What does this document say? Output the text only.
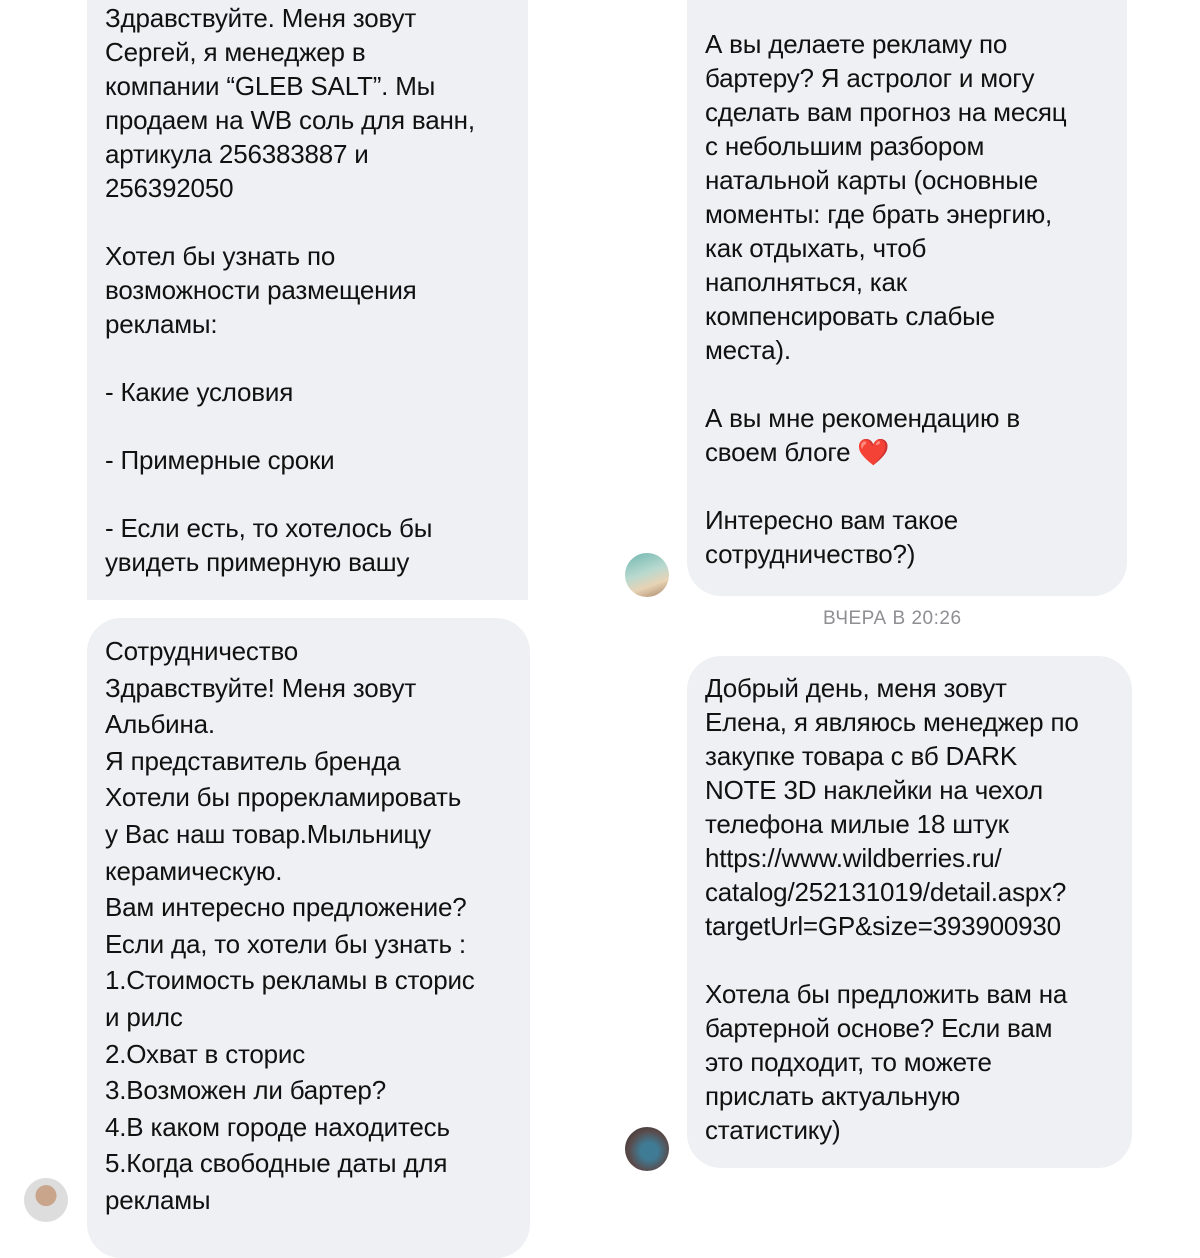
Здравствуйте. Меня зовут
Сергей, я менеджер в
компании “GLEB SALT”. Мы
продаем на WB соль для ванн,
артикула 256383887 и
256392050

Хотел бы узнать по
возможности размещения
рекламы:

- Какие условия

- Примерные сроки

- Если есть, то хотелось бы
увидеть примерную вашу
Сотрудничество
Здравствуйте! Меня зовут
Альбина.
Я представитель бренда
Хотели бы прорекламировать
у Вас наш товар.Мыльницу
керамическую.
Вам интересно предложение?
Если да, то хотели бы узнать :
1.Стоимость рекламы в сторис
и рилс
2.Охват в сторис
3.Возможен ли бартер?
4.В каком городе находитесь
5.Когда свободные даты для
рекламы
А вы делаете рекламу по
бартеру? Я астролог и могу
сделать вам прогноз на месяц
с небольшим разбором
натальной карты (основные
моменты: где брать энергию,
как отдыхать, чтоб
наполняться, как
компенсировать слабые
места).

А вы мне рекомендацию в
своем блоге ❤️

Интересно вам такое
сотрудничество?)
ВЧЕРА В 20:26
Добрый день, меня зовут
Елена, я являюсь менеджер по
закупке товара с вб DARK
NOTE 3D наклейки на чехол
телефона милые 18 штук
https://www.wildberries.ru/
catalog/252131019/detail.aspx?
targetUrl=GP&size=393900930

Хотела бы предложить вам на
бартерной основе? Если вам
это подходит, то можете
прислать актуальную
статистику)
